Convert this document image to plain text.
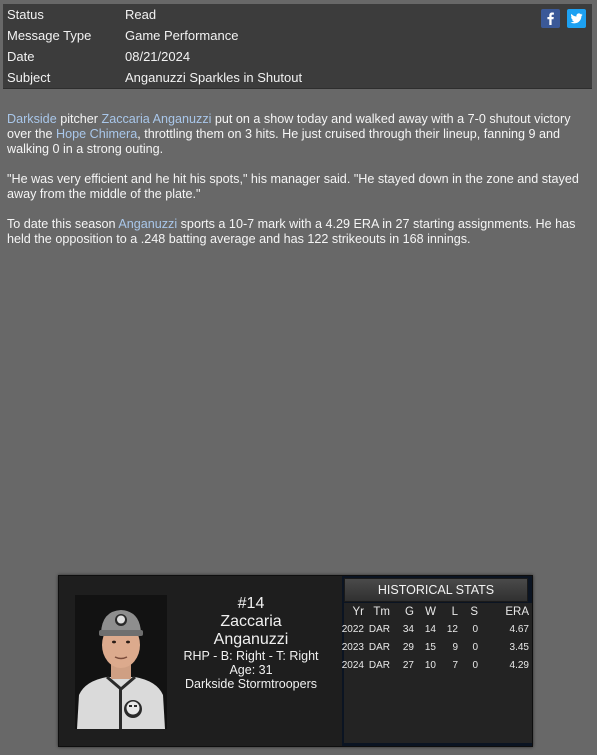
Status	Read
Message Type	Game Performance
Date	08/21/2024
Subject	Anganuzzi Sparkles in Shutout

Darkside pitcher Zaccaria Anganuzzi put on a show today and walked away with a 7-0 shutout victory over the Hope Chimera, throttling them on 3 hits. He just cruised through their lineup, fanning 9 and walking 0 in a strong outing.

"He was very efficient and he hit his spots," his manager said. "He stayed down in the zone and stayed away from the middle of the plate."

To date this season Anganuzzi sports a 10-7 mark with a 4.29 ERA in 27 starting assignments. He has held the opposition to a .248 batting average and has 122 strikeouts in 168 innings.

#14
Zaccaria
Anganuzzi
RHP - B: Right - T: Right
Age: 31
Darkside Stormtroopers
HISTORICAL STATS
Yr Tm G W L S ERA
2022 DAR 34 14 12 0	4.67
2023 DAR 29 15 9 0	3.45
2024 DAR 27 10 7 0	4.29
